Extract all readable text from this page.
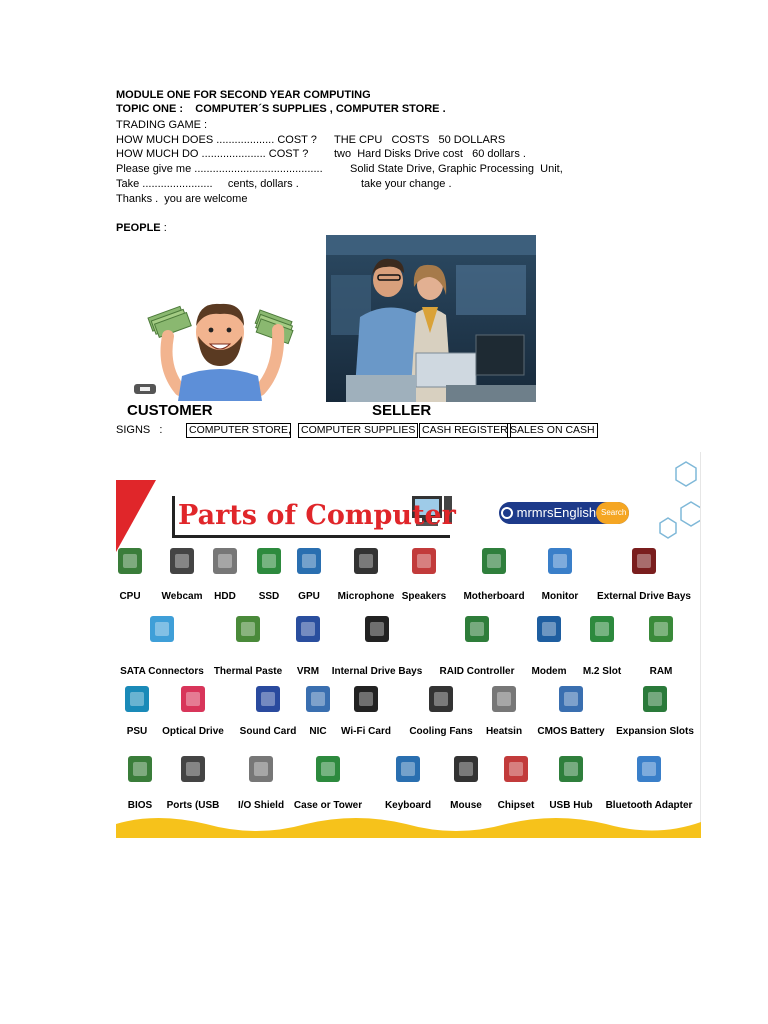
MODULE ONE FOR SECOND YEAR COMPUTING
TOPIC ONE :    COMPUTER´S SUPPLIES , COMPUTER STORE .
TRADING GAME :
HOW MUCH DOES ................... COST ? THE CPU   COSTS   50 DOLLARS
HOW MUCH DO ..................... COST ? two  Hard Disks Drive cost   60 dollars .
Please give me .......................................... Solid State Drive, Graphic Processing  Unit,
Take .......................     cents, dollars .	take your change .
Thanks .  you are welcome
PEOPLE :
CUSTOMER	SELLER
SIGNS   :	COMPUTER STORE , COMPUTER SUPPLIES CASH REGISTER SALES ON CASH
Parts of Computer	mrmrsEnglish Search
CPU Webcam HDD SSD GPU Microphone Speakers Motherboard Monitor External Drive Bays
SATA Connectors Thermal Paste VRM Internal Drive Bays RAID Controller Modem M.2 Slot	RAM
PSU Optical Drive Sound Card NIC Wi-Fi Card Cooling Fans Heatsin CMOS Battery Expansion Slots
BIOS Ports (USB I/O Shield Case or Tower Keyboard Mouse Chipset USB Hub Bluetooth Adapter
